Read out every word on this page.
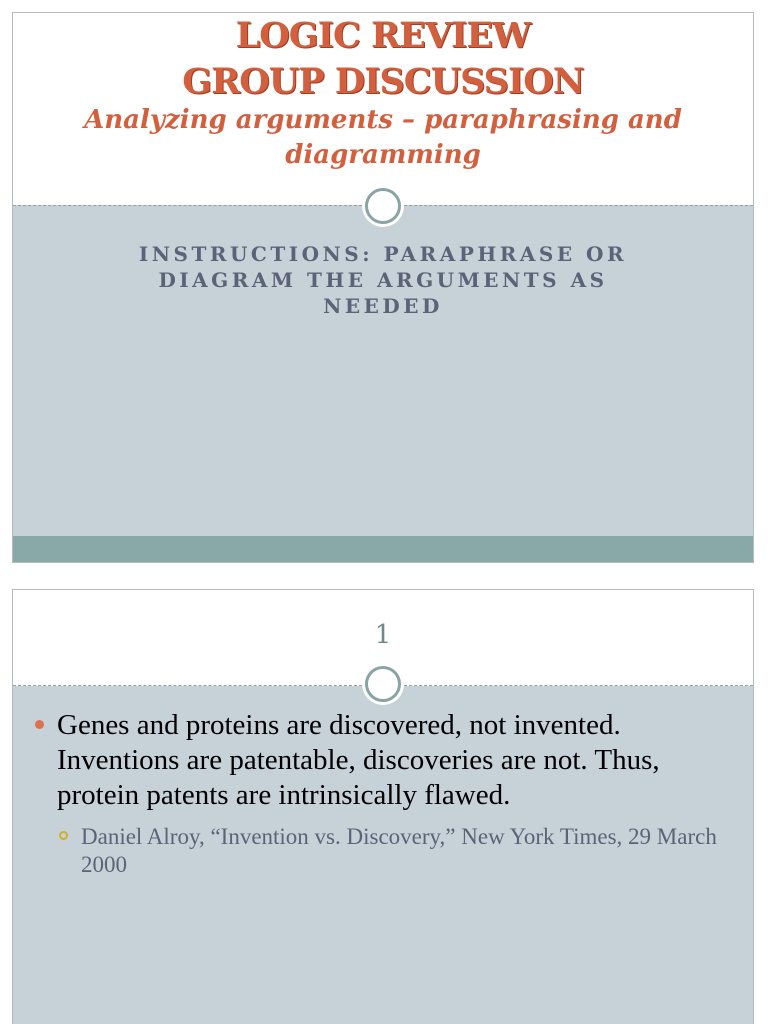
LOGIC REVIEW
GROUP DISCUSSION
Analyzing arguments – paraphrasing and diagramming
INSTRUCTIONS: PARAPHRASE OR DIAGRAM THE ARGUMENTS AS NEEDED
1
Genes and proteins are discovered, not invented. Inventions are patentable, discoveries are not. Thus, protein patents are intrinsically flawed.
Daniel Alroy, “Invention vs. Discovery,” New York Times, 29 March 2000
